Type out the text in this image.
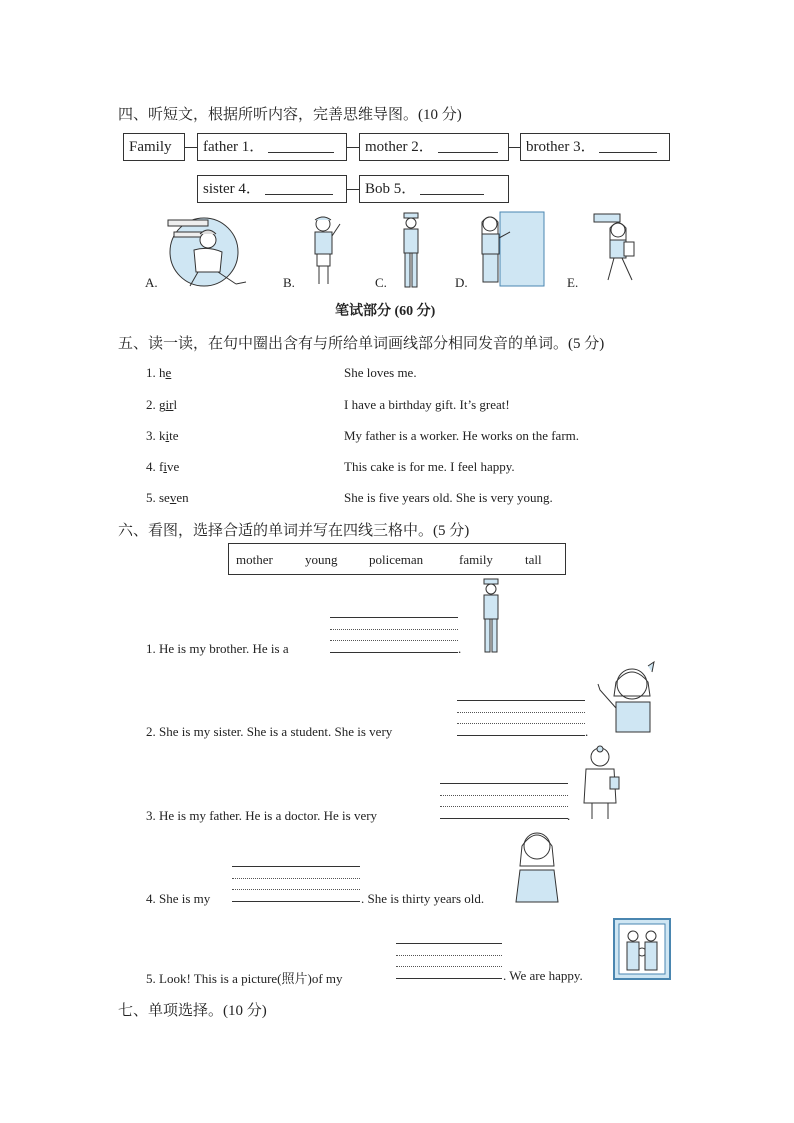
四、听短文，根据所听内容，完善思维导图。(10 分)
Family	father 1．	mother 2．	brother 3．
sister 4．	Bob 5．
A.	B.	C.	D.	E.
笔试部分 (60 分)
五、读一读，在句中圈出含有与所给单词画线部分相同发音的单词。(5 分)
1. he	She loves me.
2. girl	I have a birthday gift. It’s great!
3. kite	My father is a worker. He works on the farm.
4. five	This cake is for me. I feel happy.
5. seven	She is five years old. She is very young.
六、看图，选择合适的单词并写在四线三格中。(5 分)
mother young policeman	family tall
1. He is my brother. He is a	.
2. She is my sister. She is a student. She is very	.
3. He is my father. He is a doctor. He is very	.
4. She is my	. She is thirty years old.
5. Look! This is a picture(照片)of my	. We are happy.
七、单项选择。(10 分)
